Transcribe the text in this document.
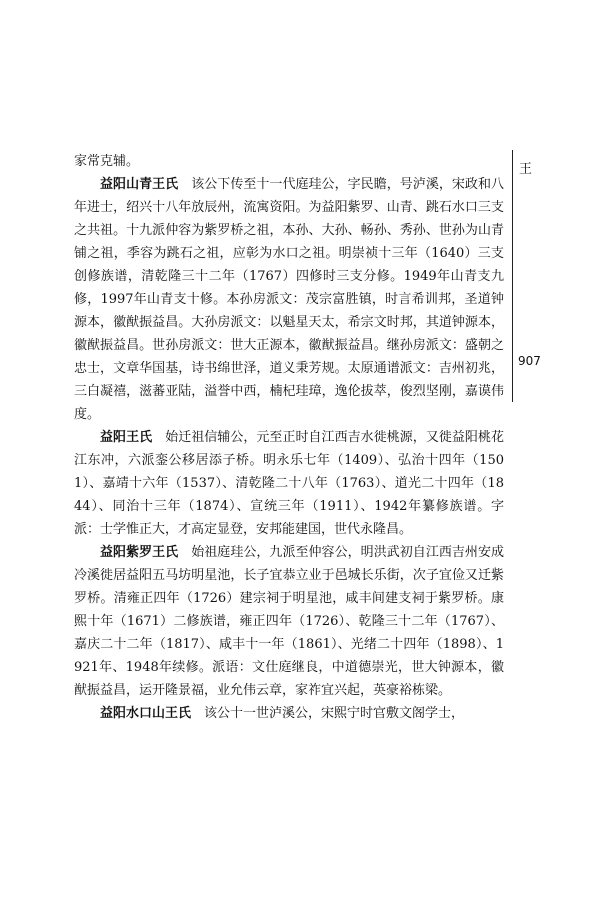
王
907

家常克辅。

益阳山青王氏  该公下传至十一代庭珪公，字民瞻，号泸溪，宋政和八年进士，绍兴十八年放辰州，流寓资阳。为益阳紫罗、山青、跳石水口三支之共祖。十九派仲容为紫罗桥之祖，本孙、大孙、畅孙、秀孙、世孙为山青铺之祖，季容为跳石之祖，应彰为水口之祖。明崇祯十三年（1640）三支创修族谱，清乾隆三十二年（1767）四修时三支分修。1949年山青支九修，1997年山青支十修。本孙房派文：茂宗富胜镇，时言希训邦，圣道钟源本，徽猷振益昌。大孙房派文：以魁星天太，希宗文时邦，其道钟源本，徽猷振益昌。世孙房派文：世大正源本，徽猷振益昌。继孙房派文：盛朝之忠士，文章华国基，诗书绵世泽，道义秉芳规。太原通谱派文：吉州初兆，三白凝禧，滋蕃亚陆，溢誉中西，楠杞珪璋，逸伦拔萃，俊烈坚刚，嘉谟伟度。

益阳王氏  始迁祖信辅公，元至正时自江西吉水徙桃源，又徙益阳桃花江东冲，六派銮公移居添子桥。明永乐七年（1409）、弘治十四年（1501）、嘉靖十六年（1537）、清乾隆二十八年（1763）、道光二十四年（1844）、同治十三年（1874）、宣统三年（1911）、1942年纂修族谱。字派：士学惟正大，才高定显登，安邦能建国，世代永隆昌。

益阳紫罗王氏  始祖庭珪公，九派至仲容公，明洪武初自江西吉州安成冷溪徙居益阳五马坊明星池，长子宜恭立业于邑城长乐街，次子宜俭又迁紫罗桥。清雍正四年（1726）建宗祠于明星池，咸丰间建支祠于紫罗桥。康熙十年（1671）二修族谱，雍正四年（1726）、乾隆三十二年（1767）、嘉庆二十二年（1817）、咸丰十一年（1861）、光绪二十四年（1898）、1921年、1948年续修。派语：文仕庭继良，中道德崇光，世大钟源本，徽猷振益昌，运开隆景福，业允伟云章，家祚宜兴起，英豪裕栋梁。

益阳水口山王氏  该公十一世泸溪公，宋熙宁时官敷文阁学士，
